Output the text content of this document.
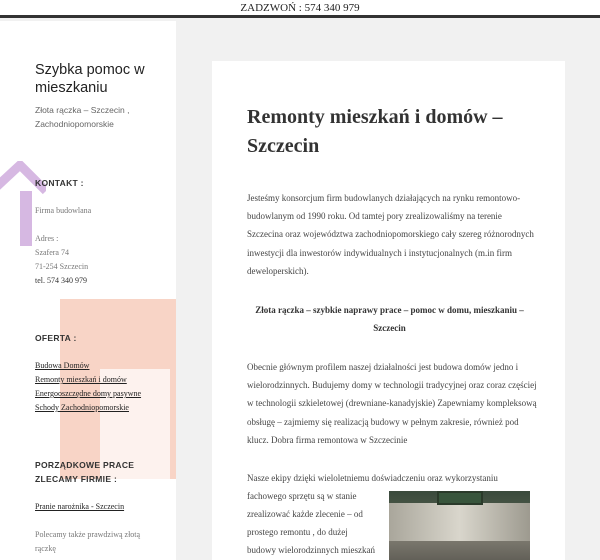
ZADZWOŃ : 574 340 979
Szybka pomoc w mieszkaniu
Złota rączka – Szczecin , Zachodniopomorskie
KONTAKT :
Firma budowlana
Adres :
Szafera 74
71-254 Szczecin
tel. 574 340 979
OFERTA :
Budowa Domów
Remonty mieszkań i domów
Energooszczędne domy pasywne
Schody Zachodniopomorskie
PORZĄDKOWE PRACE ZLECAMY FIRMIE :
Pranie narożnika - Szczecin
Polecamy także prawdziwą złotą rączkę
Remonty mieszkań i domów – Szczecin

Jesteśmy konsorcjum firm budowlanych działających na rynku remontowo-budowlanym od 1990 roku. Od tamtej pory zrealizowaliśmy na terenie Szczecina oraz województwa zachodniopomorskiego cały szereg różnorodnych inwestycji dla inwestorów indywidualnych i instytucjonalnych (m.in firm deweloperskich).

Złota rączka – szybkie naprawy prace – pomoc w domu, mieszkaniu – Szczecin

Obecnie głównym profilem naszej działalności jest budowa domów jedno i wielorodzinnych. Budujemy domy w technologii tradycyjnej oraz coraz częściej w technologii szkieletowej (drewniane-kanadyjskie) Zapewniamy kompleksową obsługę – zajmiemy się realizacją budowy w pełnym zakresie, również pod klucz. Dobra firma remontowa w Szczecinie

Nasze ekipy dzięki wieloletniemu doświadczeniu oraz wykorzystaniu
fachowego sprzętu są w stanie
zrealizować każde zlecenie – od
prostego remontu , do dużej
budowy wielorodzinnych mieszkań
